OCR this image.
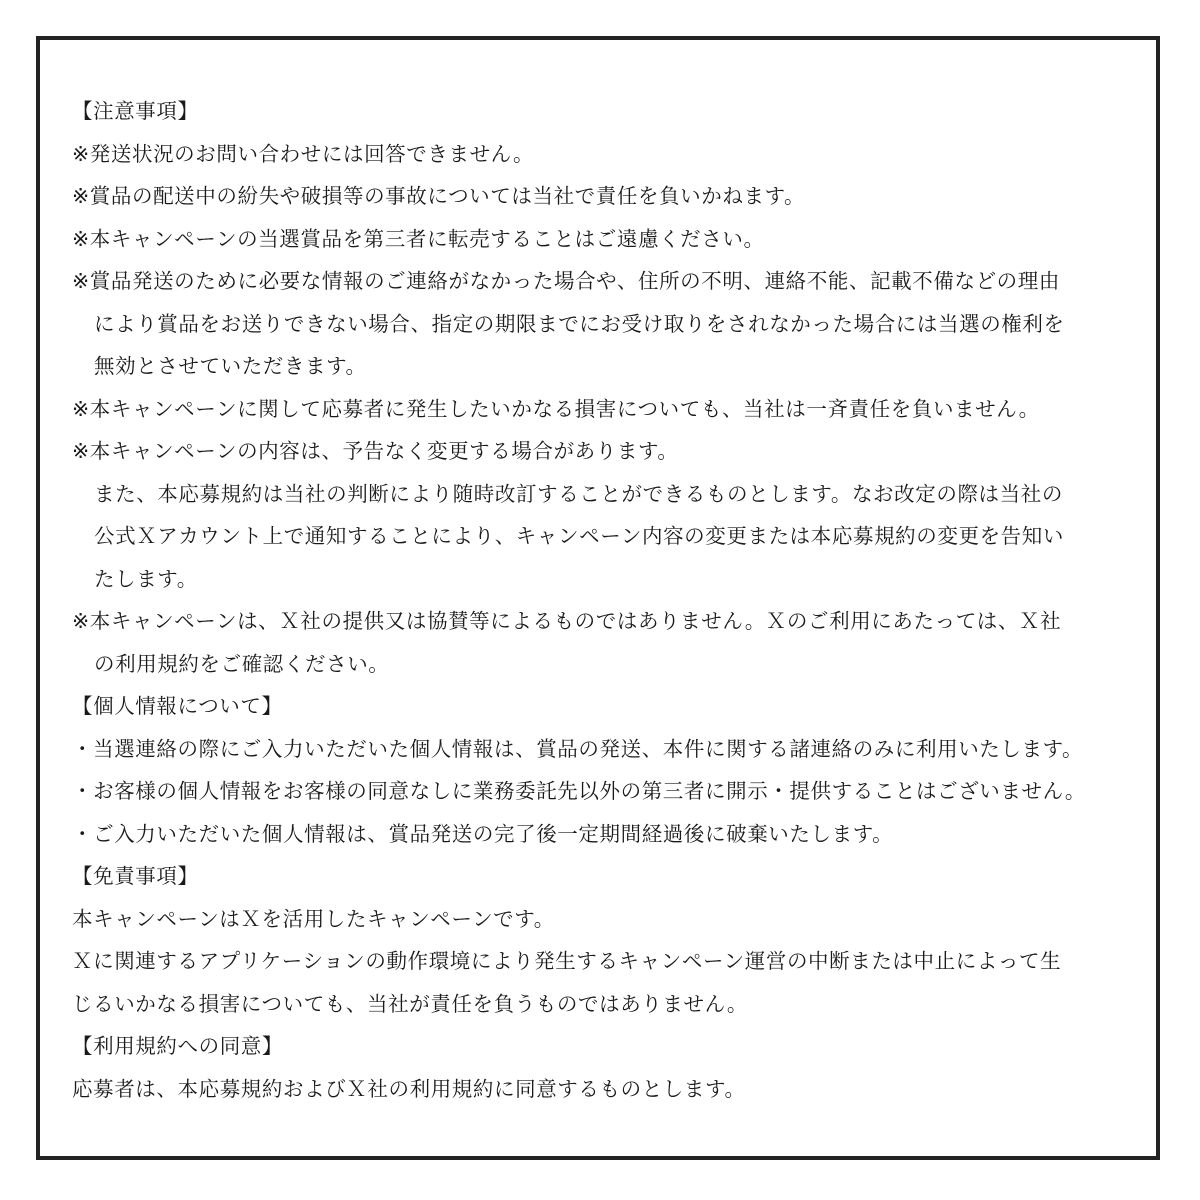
【注意事項】
※発送状況のお問い合わせには回答できません。
※賞品の配送中の紛失や破損等の事故については当社で責任を負いかねます。
※本キャンペーンの当選賞品を第三者に転売することはご遠慮ください。
※賞品発送のために必要な情報のご連絡がなかった場合や、住所の不明、連絡不能、記載不備などの理由
により賞品をお送りできない場合、指定の期限までにお受け取りをされなかった場合には当選の権利を
無効とさせていただきます。
※本キャンペーンに関して応募者に発生したいかなる損害についても、当社は一斉責任を負いません。
※本キャンペーンの内容は、予告なく変更する場合があります。
また、本応募規約は当社の判断により随時改訂することができるものとします。なお改定の際は当社の
公式Ｘアカウント上で通知することにより、キャンペーン内容の変更または本応募規約の変更を告知い
たします。
※本キャンペーンは、Ｘ社の提供又は協賛等によるものではありません。Ｘのご利用にあたっては、Ｘ社
の利用規約をご確認ください。
【個人情報について】
・当選連絡の際にご入力いただいた個人情報は、賞品の発送、本件に関する諸連絡のみに利用いたします。
・お客様の個人情報をお客様の同意なしに業務委託先以外の第三者に開示・提供することはございません。
・ご入力いただいた個人情報は、賞品発送の完了後一定期間経過後に破棄いたします。
【免責事項】
本キャンペーンはＸを活用したキャンペーンです。
Ｘに関連するアプリケーションの動作環境により発生するキャンペーン運営の中断または中止によって生
じるいかなる損害についても、当社が責任を負うものではありません。
【利用規約への同意】
応募者は、本応募規約およびＸ社の利用規約に同意するものとします。
